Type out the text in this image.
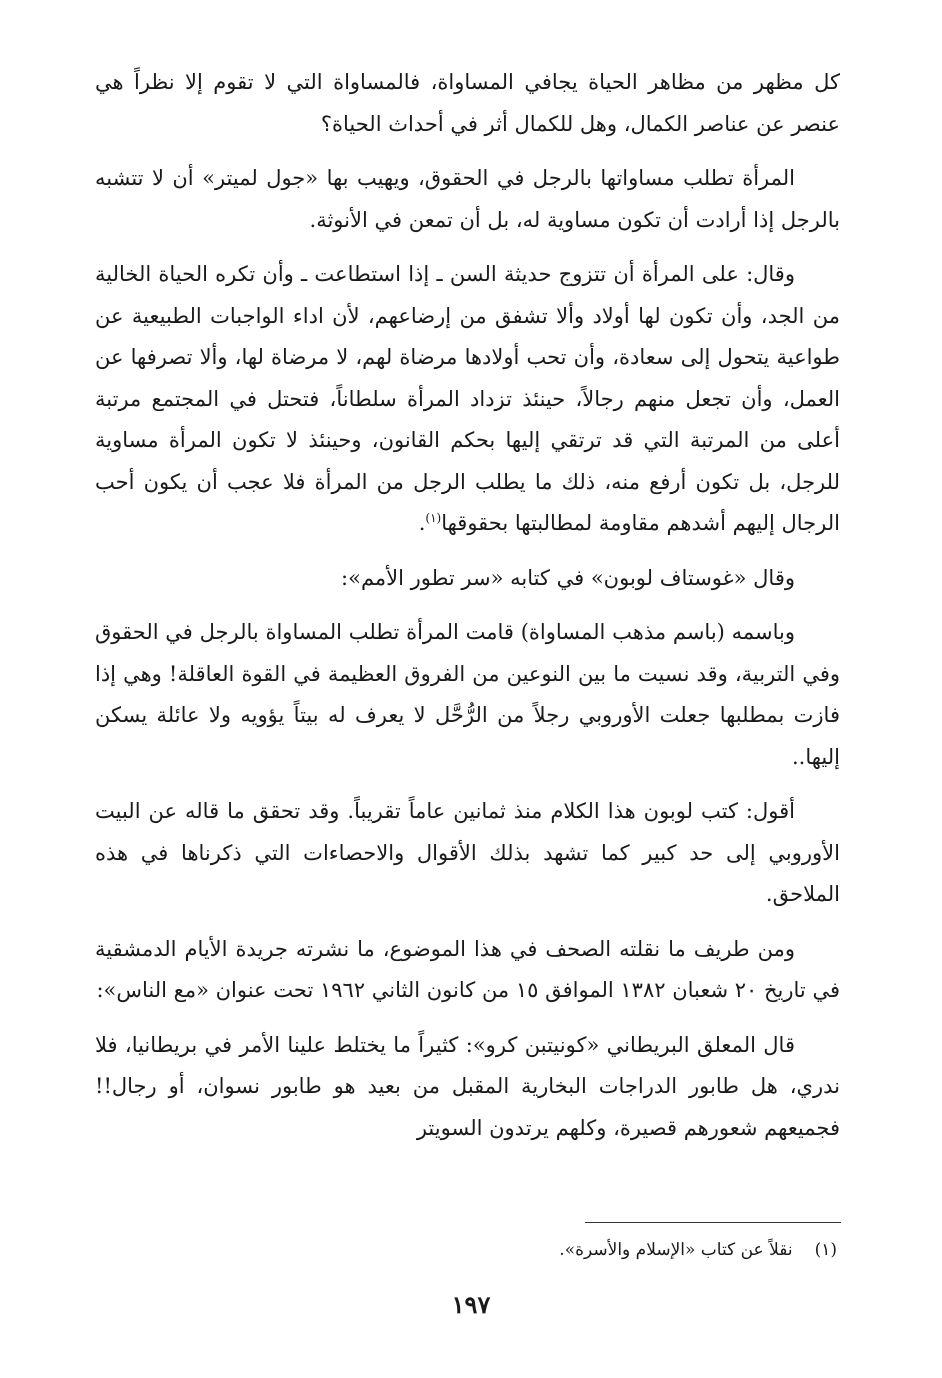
كل مظهر من مظاهر الحياة يجافي المساواة، فالمساواة التي لا تقوم إلا نظراً هي عنصر عن عناصر الكمال، وهل للكمال أثر في أحداث الحياة؟

المرأة تطلب مساواتها بالرجل في الحقوق، ويهيب بها «جول لميتر» أن لا تتشبه بالرجل إذا أرادت أن تكون مساوية له، بل أن تمعن في الأنوثة.

وقال: على المرأة أن تتزوج حديثة السن ـ إذا استطاعت ـ وأن تكره الحياة الخالية من الجد، وأن تكون لها أولاد وألا تشفق من إرضاعهم، لأن اداء الواجبات الطبيعية عن طواعية يتحول إلى سعادة، وأن تحب أولادها مرضاة لهم، لا مرضاة لها، وألا تصرفها عن العمل، وأن تجعل منهم رجالاً، حينئذ تزداد المرأة سلطاناً، فتحتل في المجتمع مرتبة أعلى من المرتبة التي قد ترتقي إليها بحكم القانون، وحينئذ لا تكون المرأة مساوية للرجل، بل تكون أرفع منه، ذلك ما يطلب الرجل من المرأة فلا عجب أن يكون أحب الرجال إليهم أشدهم مقاومة لمطالبتها بحقوقها$^{(١)}$.

وقال «غوستاف لوبون» في كتابه «سر تطور الأمم»:

وباسمه (باسم مذهب المساواة) قامت المرأة تطلب المساواة بالرجل في الحقوق وفي التربية، وقد نسيت ما بين النوعين من الفروق العظيمة في القوة العاقلة! وهي إذا فازت بمطلبها جعلت الأوروبي رجلاً من الرُّحَّل لا يعرف له بيتاً يؤويه ولا عائلة يسكن إليها..

أقول: كتب لوبون هذا الكلام منذ ثمانين عاماً تقريباً. وقد تحقق ما قاله عن البيت الأوروبي إلى حد كبير كما تشهد بذلك الأقوال والاحصاءات التي ذكرناها في هذه الملاحق.

ومن طريف ما نقلته الصحف في هذا الموضوع، ما نشرته جريدة الأيام الدمشقية في تاريخ ٢٠ شعبان ١٣٨٢ الموافق ١٥ من كانون الثاني ١٩٦٢ تحت عنوان «مع الناس»:

قال المعلق البريطاني «كونيتبن كرو»: كثيراً ما يختلط علينا الأمر في بريطانيا، فلا ندري، هل طابور الدراجات البخارية المقبل من بعيد هو طابور نسوان، أو رجال!! فجميعهم شعورهم قصيرة، وكلهم يرتدون السويتر

(١)نقلاً عن كتاب «الإسلام والأسرة».
١٩٧
